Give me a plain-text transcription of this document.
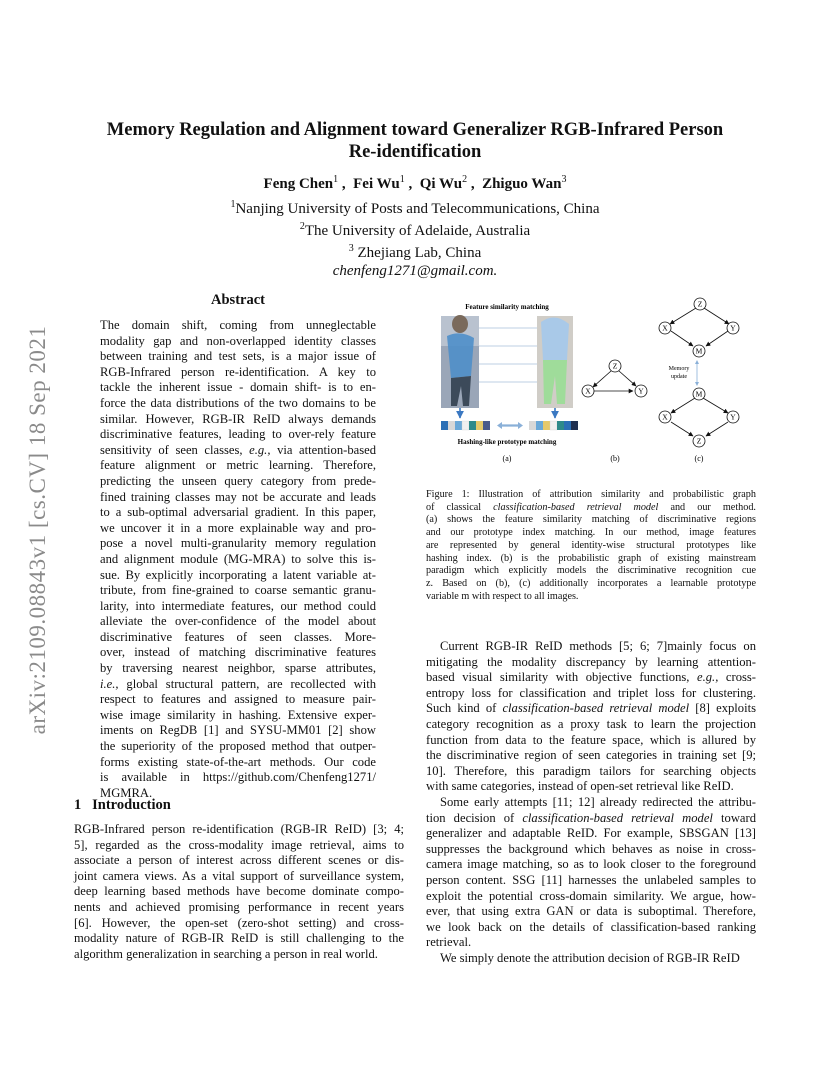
arXiv:2109.08843v1 [cs.CV] 18 Sep 2021
Memory Regulation and Alignment toward Generalizer RGB-Infrared Person
Re-identification
Feng Chen$^1$ ,  Fei Wu$^1$ ,  Qi Wu$^2$ ,  Zhiguo Wan$^3$
$^1$Nanjing University of Posts and Telecommunications, China
$^2$The University of Adelaide, Australia
$^3$ Zhejiang Lab, China
chenfeng1271@gmail.com.
Abstract

The domain shift, coming from unneglectable

modality gap and non-overlapped identity classes

between training and test sets, is a major issue of

RGB-Infrared person re-identification. A key to

tackle the inherent issue - domain shift- is to en-

force the data distributions of the two domains to be

similar. However, RGB-IR ReID always demands

discriminative features, leading to over-rely feature

sensitivity of seen classes, e.g., via attention-based

feature alignment or metric learning. Therefore,

predicting the unseen query category from prede-

fined training classes may not be accurate and leads

to a sub-optimal adversarial gradient. In this paper,

we uncover it in a more explainable way and pro-

pose a novel multi-granularity memory regulation

and alignment module (MG-MRA) to solve this is-

sue. By explicitly incorporating a latent variable at-

tribute, from fine-grained to coarse semantic granu-

larity, into intermediate features, our method could

alleviate the over-confidence of the model about

discriminative features of seen classes. More-

over, instead of matching discriminative features

by traversing nearest neighbor, sparse attributes,

i.e., global structural pattern, are recollected with

respect to features and assigned to measure pair-

wise image similarity in hashing. Extensive exper-

iments on RegDB [1] and SYSU-MM01 [2] show

the superiority of the proposed method that outper-

forms existing state-of-the-art methods. Our code

is available in https://github.com/Chenfeng1271/

MGMRA.

1 Introduction

RGB-Infrared person re-identification (RGB-IR ReID) [3; 4;

5], regarded as the cross-modality image retrieval, aims to

associate a person of interest across different scenes or dis-

joint camera views. As a vital support of surveillance system,

deep learning based methods have become dominate compo-

nents and achieved promising performance in recent years

[6]. However, the open-set (zero-shot setting) and cross-

modality nature of RGB-IR ReID is still challenging to the

algorithm generalization in searching a person in real world.

Feature similarity matching
Hashing-like prototype matching
(a)
Z
X	Y
(b)
Z
X	Y
M
Memory
update
M
X	Y
Z
(c)

Figure 1: Illustration of attribution similarity and probabilistic graph

of classical classification-based retrieval model and our method.

(a) shows the feature similarity matching of discriminative regions

and our prototype index matching. In our method, image features

are represented by general identity-wise structural prototypes like

hashing index. (b) is the probabilistic graph of existing mainstream

paradigm which explicitly models the discriminative recognition cue

z. Based on (b), (c) additionally incorporates a learnable prototype

variable m with respect to all images.

Current RGB-IR ReID methods [5; 6; 7]mainly focus on

mitigating the modality discrepancy by learning attention-

based visual similarity with objective functions, e.g., cross-

entropy loss for classification and triplet loss for clustering.

Such kind of classification-based retrieval model [8] exploits

category recognition as a proxy task to learn the projection

function from data to the feature space, which is allured by

the discriminative region of seen categories in training set [9;

10]. Therefore, this paradigm tailors for searching objects

with same categories, instead of open-set retrieval like ReID.

Some early attempts [11; 12] already redirected the attribu-

tion decision of classification-based retrieval model toward

generalizer and adaptable ReID. For example, SBSGAN [13]

suppresses the background which behaves as noise in cross-

camera image matching, so as to look closer to the foreground

person content. SSG [11] harnesses the unlabeled samples to

exploit the potential cross-domain similarity. We argue, how-

ever, that using extra GAN or data is suboptimal. Therefore,

we look back on the details of classification-based ranking

retrieval.

We simply denote the attribution decision of RGB-IR ReID
